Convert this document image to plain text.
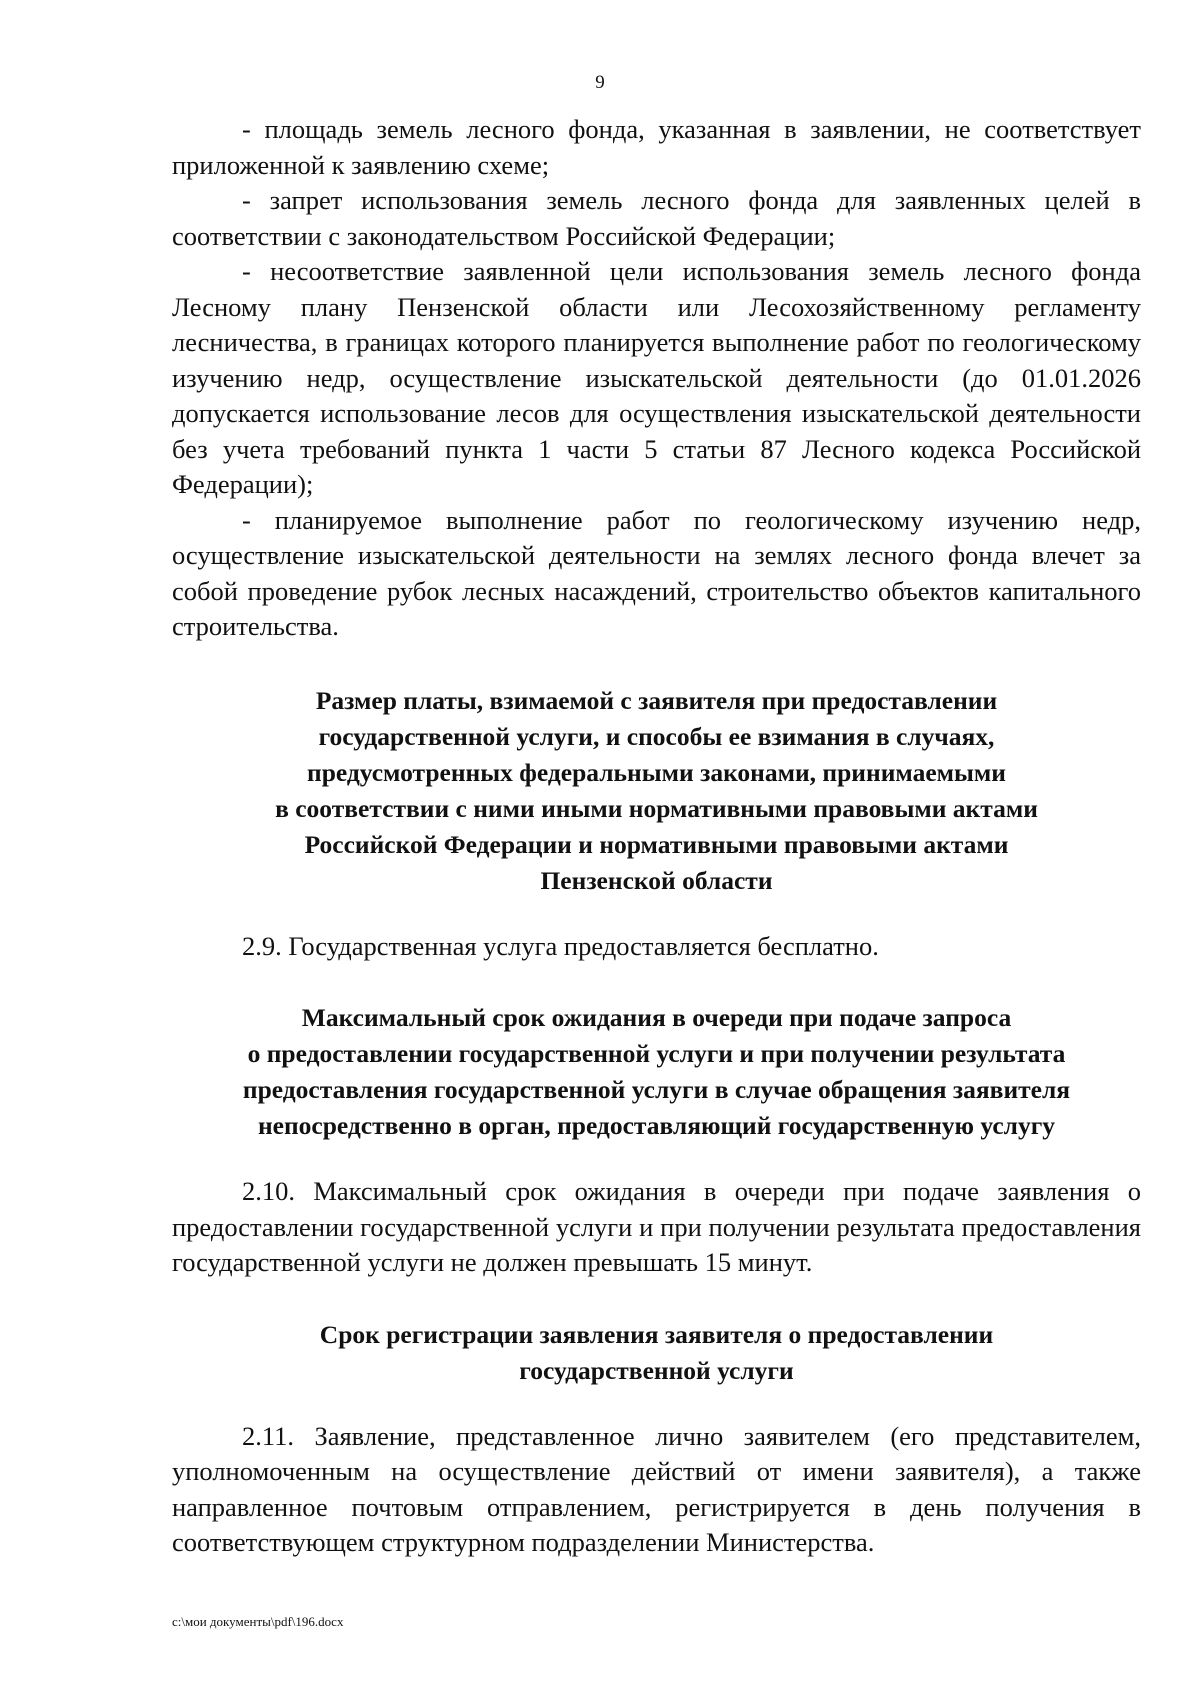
9

- площадь земель лесного фонда, указанная в заявлении, не соответствует приложенной к заявлению схеме;

- запрет использования земель лесного фонда для заявленных целей в соответствии с законодательством Российской Федерации;

- несоответствие заявленной цели использования земель лесного фонда Лесному плану Пензенской области или Лесохозяйственному регламенту лесничества, в границах которого планируется выполнение работ по геологическому изучению недр, осуществление изыскательской деятельности (до 01.01.2026 допускается использование лесов для осуществления изыскательской деятельности без учета требований пункта 1 части 5 статьи 87 Лесного кодекса Российской Федерации);

- планируемое выполнение работ по геологическому изучению недр, осуществление изыскательской деятельности на землях лесного фонда влечет за собой проведение рубок лесных насаждений, строительство объектов капитального строительства.

Размер платы, взимаемой с заявителя при предоставлении
государственной услуги, и способы ее взимания в случаях,
предусмотренных федеральными законами, принимаемыми
в соответствии с ними иными нормативными правовыми актами
Российской Федерации и нормативными правовыми актами
Пензенской области

2.9. Государственная услуга предоставляется бесплатно.

Максимальный срок ожидания в очереди при подаче запроса
о предоставлении государственной услуги и при получении результата
предоставления государственной услуги в случае обращения заявителя
непосредственно в орган, предоставляющий государственную услугу

2.10. Максимальный срок ожидания в очереди при подаче заявления о предоставлении государственной услуги и при получении результата предоставления государственной услуги не должен превышать 15 минут.

Срок регистрации заявления заявителя о предоставлении
государственной услуги

2.11. Заявление, представленное лично заявителем (его представителем, уполномоченным на осуществление действий от имени заявителя), а также направленное почтовым отправлением, регистрируется в день получения в соответствующем структурном подразделении Министерства.

c:\мои документы\pdf\196.docx
